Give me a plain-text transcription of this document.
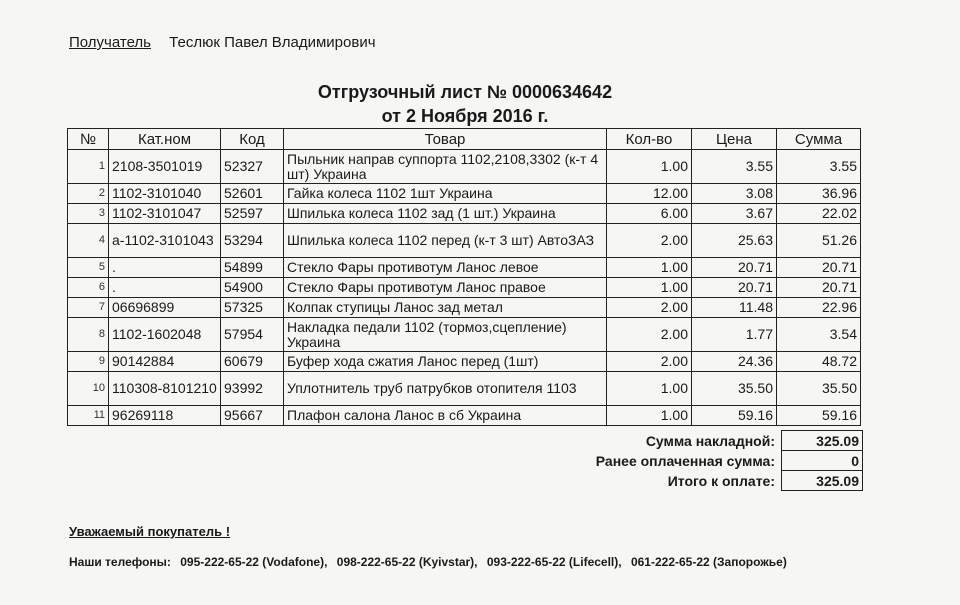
Получатель Теслюк Павел Владимирович
Отгрузочный лист № 0000634642
от 2 Ноября 2016 г.
№	Кат.ном	Код	Товар	Кол-во	Цена	Сумма
1	2108-3501019	52327	Пыльник направ суппорта 1102,2108,3302 (к-т 4 шт) Украина	1.00	3.55	3.55
2	1102-3101040	52601	Гайка колеса 1102 1шт Украина	12.00	3.08	36.96
3	1102-3101047	52597	Шпилька колеса 1102 зад (1 шт.) Украина	6.00	3.67	22.02
4	а-1102-3101043	53294	Шпилька колеса 1102 перед (к-т 3 шт) АвтоЗАЗ	2.00	25.63	51.26
5	.	54899	Стекло Фары противотум Ланос левое	1.00	20.71	20.71
6	.	54900	Стекло Фары противотум Ланос правое	1.00	20.71	20.71
7	06696899	57325	Колпак ступицы Ланос зад метал	2.00	11.48	22.96
8	1102-1602048	57954	Накладка педали 1102 (тормоз,сцепление) Украина	2.00	1.77	3.54
9	90142884	60679	Буфер хода сжатия Ланос перед (1шт)	2.00	24.36	48.72
10	110308-8101210	93992	Уплотнитель труб патрубков отопителя 1103	1.00	35.50	35.50
11	96269118	95667	Плафон салона Ланос в сб Украина	1.00	59.16	59.16
Сумма накладной:	325.09
Ранее оплаченная сумма:	0
Итого к оплате:	325.09
Уважаемый покупатель !
Наши телефоны: 095-222-65-22 (Vodafone), 098-222-65-22 (Kyivstar), 093-222-65-22 (Lifecell), 061-222-65-22 (Запорожье)
